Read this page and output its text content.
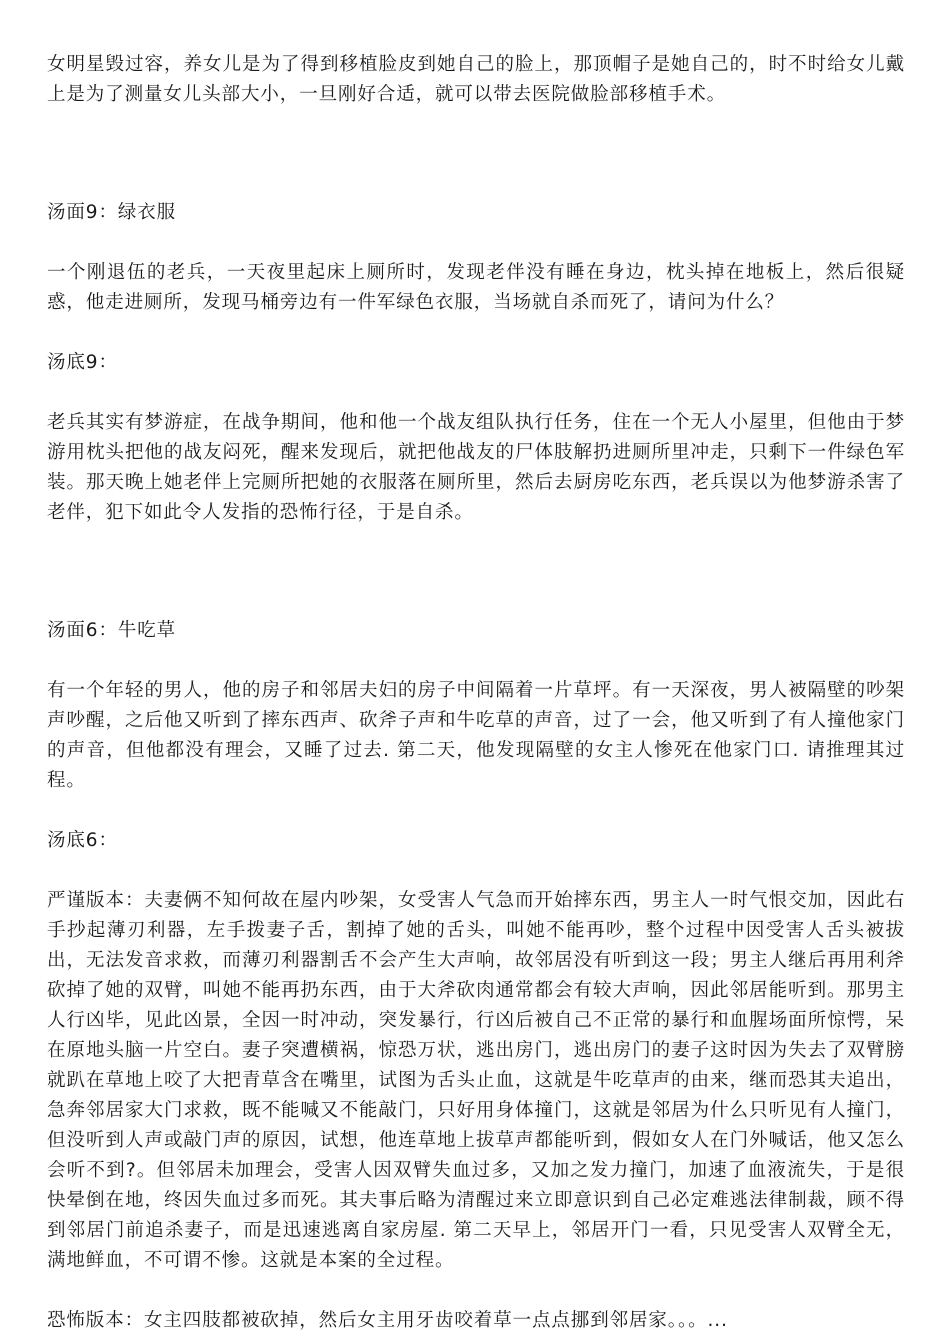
女明星毁过容，养女儿是为了得到移植脸皮到她自己的脸上，那顶帽子是她自己的，时不时给女儿戴上是为了测量女儿头部大小，一旦刚好合适，就可以带去医院做脸部移植手术。

汤面9：绿衣服

一个刚退伍的老兵，一天夜里起床上厕所时，发现老伴没有睡在身边，枕头掉在地板上，然后很疑惑，他走进厕所，发现马桶旁边有一件军绿色衣服，当场就自杀而死了，请问为什么？

汤底9：

老兵其实有梦游症，在战争期间，他和他一个战友组队执行任务，住在一个无人小屋里，但他由于梦游用枕头把他的战友闷死，醒来发现后，就把他战友的尸体肢解扔进厕所里冲走，只剩下一件绿色军装。那天晚上她老伴上完厕所把她的衣服落在厕所里，然后去厨房吃东西，老兵误以为他梦游杀害了老伴，犯下如此令人发指的恐怖行径，于是自杀。

汤面6：牛吃草

有一个年轻的男人，他的房子和邻居夫妇的房子中间隔着一片草坪。有一天深夜，男人被隔壁的吵架声吵醒，之后他又听到了摔东西声、砍斧子声和牛吃草的声音，过了一会，他又听到了有人撞他家门的声音，但他都没有理会，又睡了过去. 第二天，他发现隔壁的女主人惨死在他家门口. 请推理其过程。

汤底6：

严谨版本：夫妻俩不知何故在屋内吵架，女受害人气急而开始摔东西，男主人一时气恨交加，因此右手抄起薄刃利器，左手拨妻子舌，割掉了她的舌头，叫她不能再吵，整个过程中因受害人舌头被拔出，无法发音求救，而薄刃利器割舌不会产生大声响，故邻居没有听到这一段；男主人继后再用利斧砍掉了她的双臂，叫她不能再扔东西，由于大斧砍肉通常都会有较大声响，因此邻居能听到。那男主人行凶毕，见此凶景，全因一时冲动，突发暴行，行凶后被自己不正常的暴行和血腥场面所惊愕，呆在原地头脑一片空白。妻子突遭横祸，惊恐万状，逃出房门，逃出房门的妻子这时因为失去了双臂膀就趴在草地上咬了大把青草含在嘴里，试图为舌头止血，这就是牛吃草声的由来，继而恐其夫追出，急奔邻居家大门求救，既不能喊又不能敲门，只好用身体撞门，这就是邻居为什么只听见有人撞门，但没听到人声或敲门声的原因，试想，他连草地上拔草声都能听到，假如女人在门外喊话，他又怎么会听不到?。但邻居未加理会，受害人因双臂失血过多，又加之发力撞门，加速了血液流失，于是很快晕倒在地，终因失血过多而死。其夫事后略为清醒过来立即意识到自己必定难逃法律制裁，顾不得到邻居门前追杀妻子，而是迅速逃离自家房屋. 第二天早上，邻居开门一看，只见受害人双臂全无，满地鲜血，不可谓不惨。这就是本案的全过程。

恐怖版本：女主四肢都被砍掉，然后女主用牙齿咬着草一点点挪到邻居家。。。...
